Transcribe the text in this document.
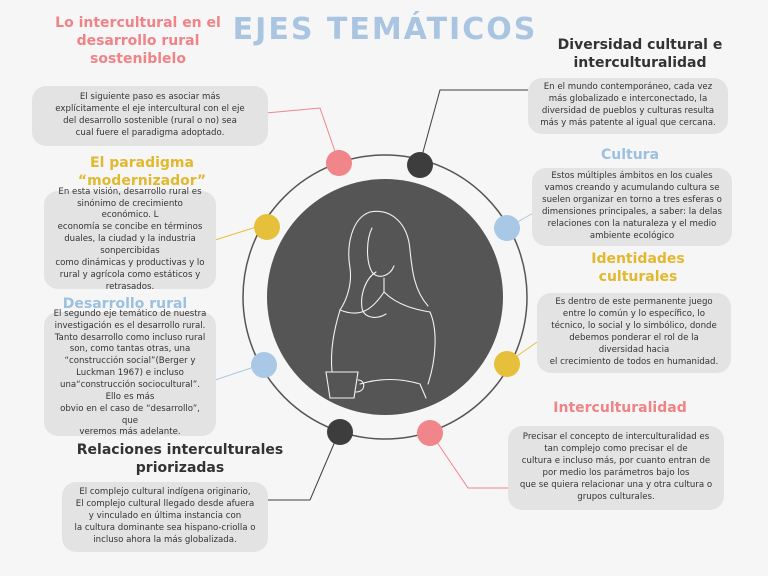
EJES TEMÁTICOS
Lo intercultural en el desarrollo rural sosteniblelo
Diversidad cultural e interculturalidad
El paradigma “modernizador”
Cultura
Identidades culturales
Desarrollo rural
Interculturalidad
Relaciones interculturales priorizadas
El siguiente paso es asociar más
explícitamente el eje intercultural con el eje
del desarrollo sostenible (rural o no) sea
cual fuere el paradigma adoptado.
En el mundo contemporáneo, cada vez
más globalizado e interconectado, la
diversidad de pueblos y culturas resulta
más y más patente al igual que cercana.
En esta visión, desarrollo rural es
sinónimo de crecimiento económico. L
economía se concibe en términos
duales, la ciudad y la industria
sonpercibidas
como dinámicas y productivas y lo
rural y agrícola como estáticos y
retrasados.
Estos múltiples ámbitos en los cuales
vamos creando y acumulando cultura se
suelen organizar en torno a tres esferas o
dimensiones principales, a saber: la delas
relaciones con la naturaleza y el medio
ambiente ecológico
Es dentro de este permanente juego
entre lo común y lo específico, lo
técnico, lo social y lo simbólico, donde
debemos ponderar el rol de la
diversidad hacia
el crecimiento de todos en humanidad.
El segundo eje temático de nuestra
investigación es el desarrollo rural.
Tanto desarrollo como incluso rural
son, como tantas otras, una
“construcción social”(Berger y
Luckman 1967) e incluso
una“construcción sociocultural”.
Ello es más
obvio en el caso de “desarrollo”, que
veremos más adelante.
Precisar el concepto de interculturalidad es
tan complejo como precisar el de
cultura e incluso más, por cuanto entran de
por medio los parámetros bajo los
que se quiera relacionar una y otra cultura o
grupos culturales.
El complejo cultural indígena originario,
El complejo cultural llegado desde afuera
y vinculado en última instancia con
la cultura dominante sea hispano-criolla o
incluso ahora la más globalizada.
